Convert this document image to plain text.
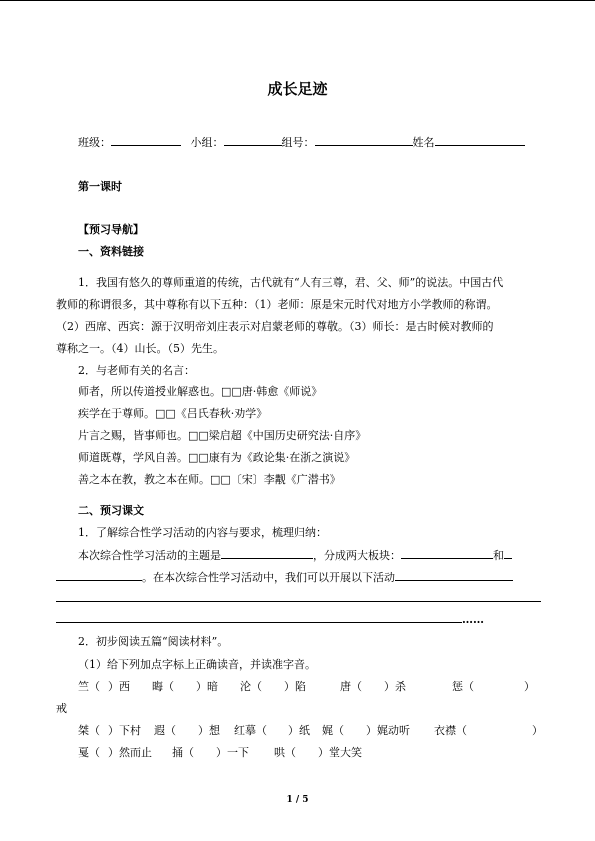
成长足迹
班级：	小组：	组号：	姓名
第一课时
【预习导航】
一、资料链接
1．我国有悠久的尊师重道的传统，古代就有“人有三尊，君、父、师”的说法。中国古代
教师的称谓很多，其中尊称有以下五种：（1）老师：原是宋元时代对地方小学教师的称谓。
（2）西席、西宾：源于汉明帝刘庄表示对启蒙老师的尊敬。（3）师长：是古时候对教师的
尊称之一。（4）山长。（5）先生。
2．与老师有关的名言：
师者，所以传道授业解惑也。□□唐·韩愈《师说》
疾学在于尊师。□□《吕氏春秋·劝学》
片言之赐，皆事师也。□□梁启超《中国历史研究法·自序》
师道既尊，学风自善。□□康有为《政论集·在浙之演说》
善之本在教，教之本在师。□□〔宋〕李觏《广潜书》
二、预习课文
1．了解综合性学习活动的内容与要求，梳理归纳：
本次综合性学习活动的主题是	，分成两大板块：	和
。在本次综合性学习活动中，我们可以开展以下活动
……
2．初步阅读五篇“阅读材料”。
（1）给下列加点字标上正确读音，并读准字音。
竺（ ）西 晦（ ）暗 沦（ ）陷	唐（ ）杀	惩（	）
戒
桀（ ）下村 遐（ ）想 红摹（ ）纸 娓（ ）娓动听 衣襟（	）
戛（ ）然而止 捅（ ）一下 哄（ ）堂大笑
1 / 5
